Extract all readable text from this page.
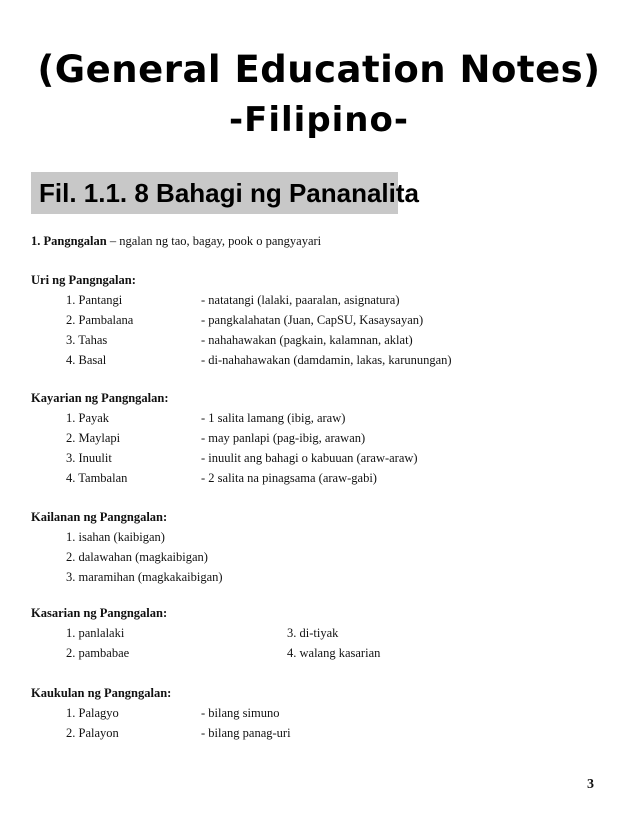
(General Education Notes)
-Filipino-
Fil. 1.1. 8 Bahagi ng Pananalita
1. Pangngalan – ngalan ng tao, bagay, pook o pangyayari
Uri ng Pangngalan:
1. Pantangi	- natatangi (lalaki, paaralan, asignatura)
2. Pambalana	- pangkalahatan (Juan, CapSU, Kasaysayan)
3. Tahas	- nahahawakan (pagkain, kalamnan, aklat)
4. Basal	- di-nahahawakan (damdamin, lakas, karunungan)
Kayarian ng Pangngalan:
1. Payak	- 1 salita lamang (ibig, araw)
2. Maylapi	- may panlapi (pag-ibig, arawan)
3. Inuulit	- inuulit ang bahagi o kabuuan (araw-araw)
4. Tambalan	- 2 salita na pinagsama (araw-gabi)
Kailanan ng Pangngalan:
1. isahan (kaibigan)
2. dalawahan (magkaibigan)
3. maramihan (magkakaibigan)
Kasarian ng Pangngalan:
1. panlalaki	3. di-tiyak
2. pambabae	4. walang kasarian
Kaukulan ng Pangngalan:
1. Palagyo	- bilang simuno
2. Palayon	- bilang panag-uri
3
